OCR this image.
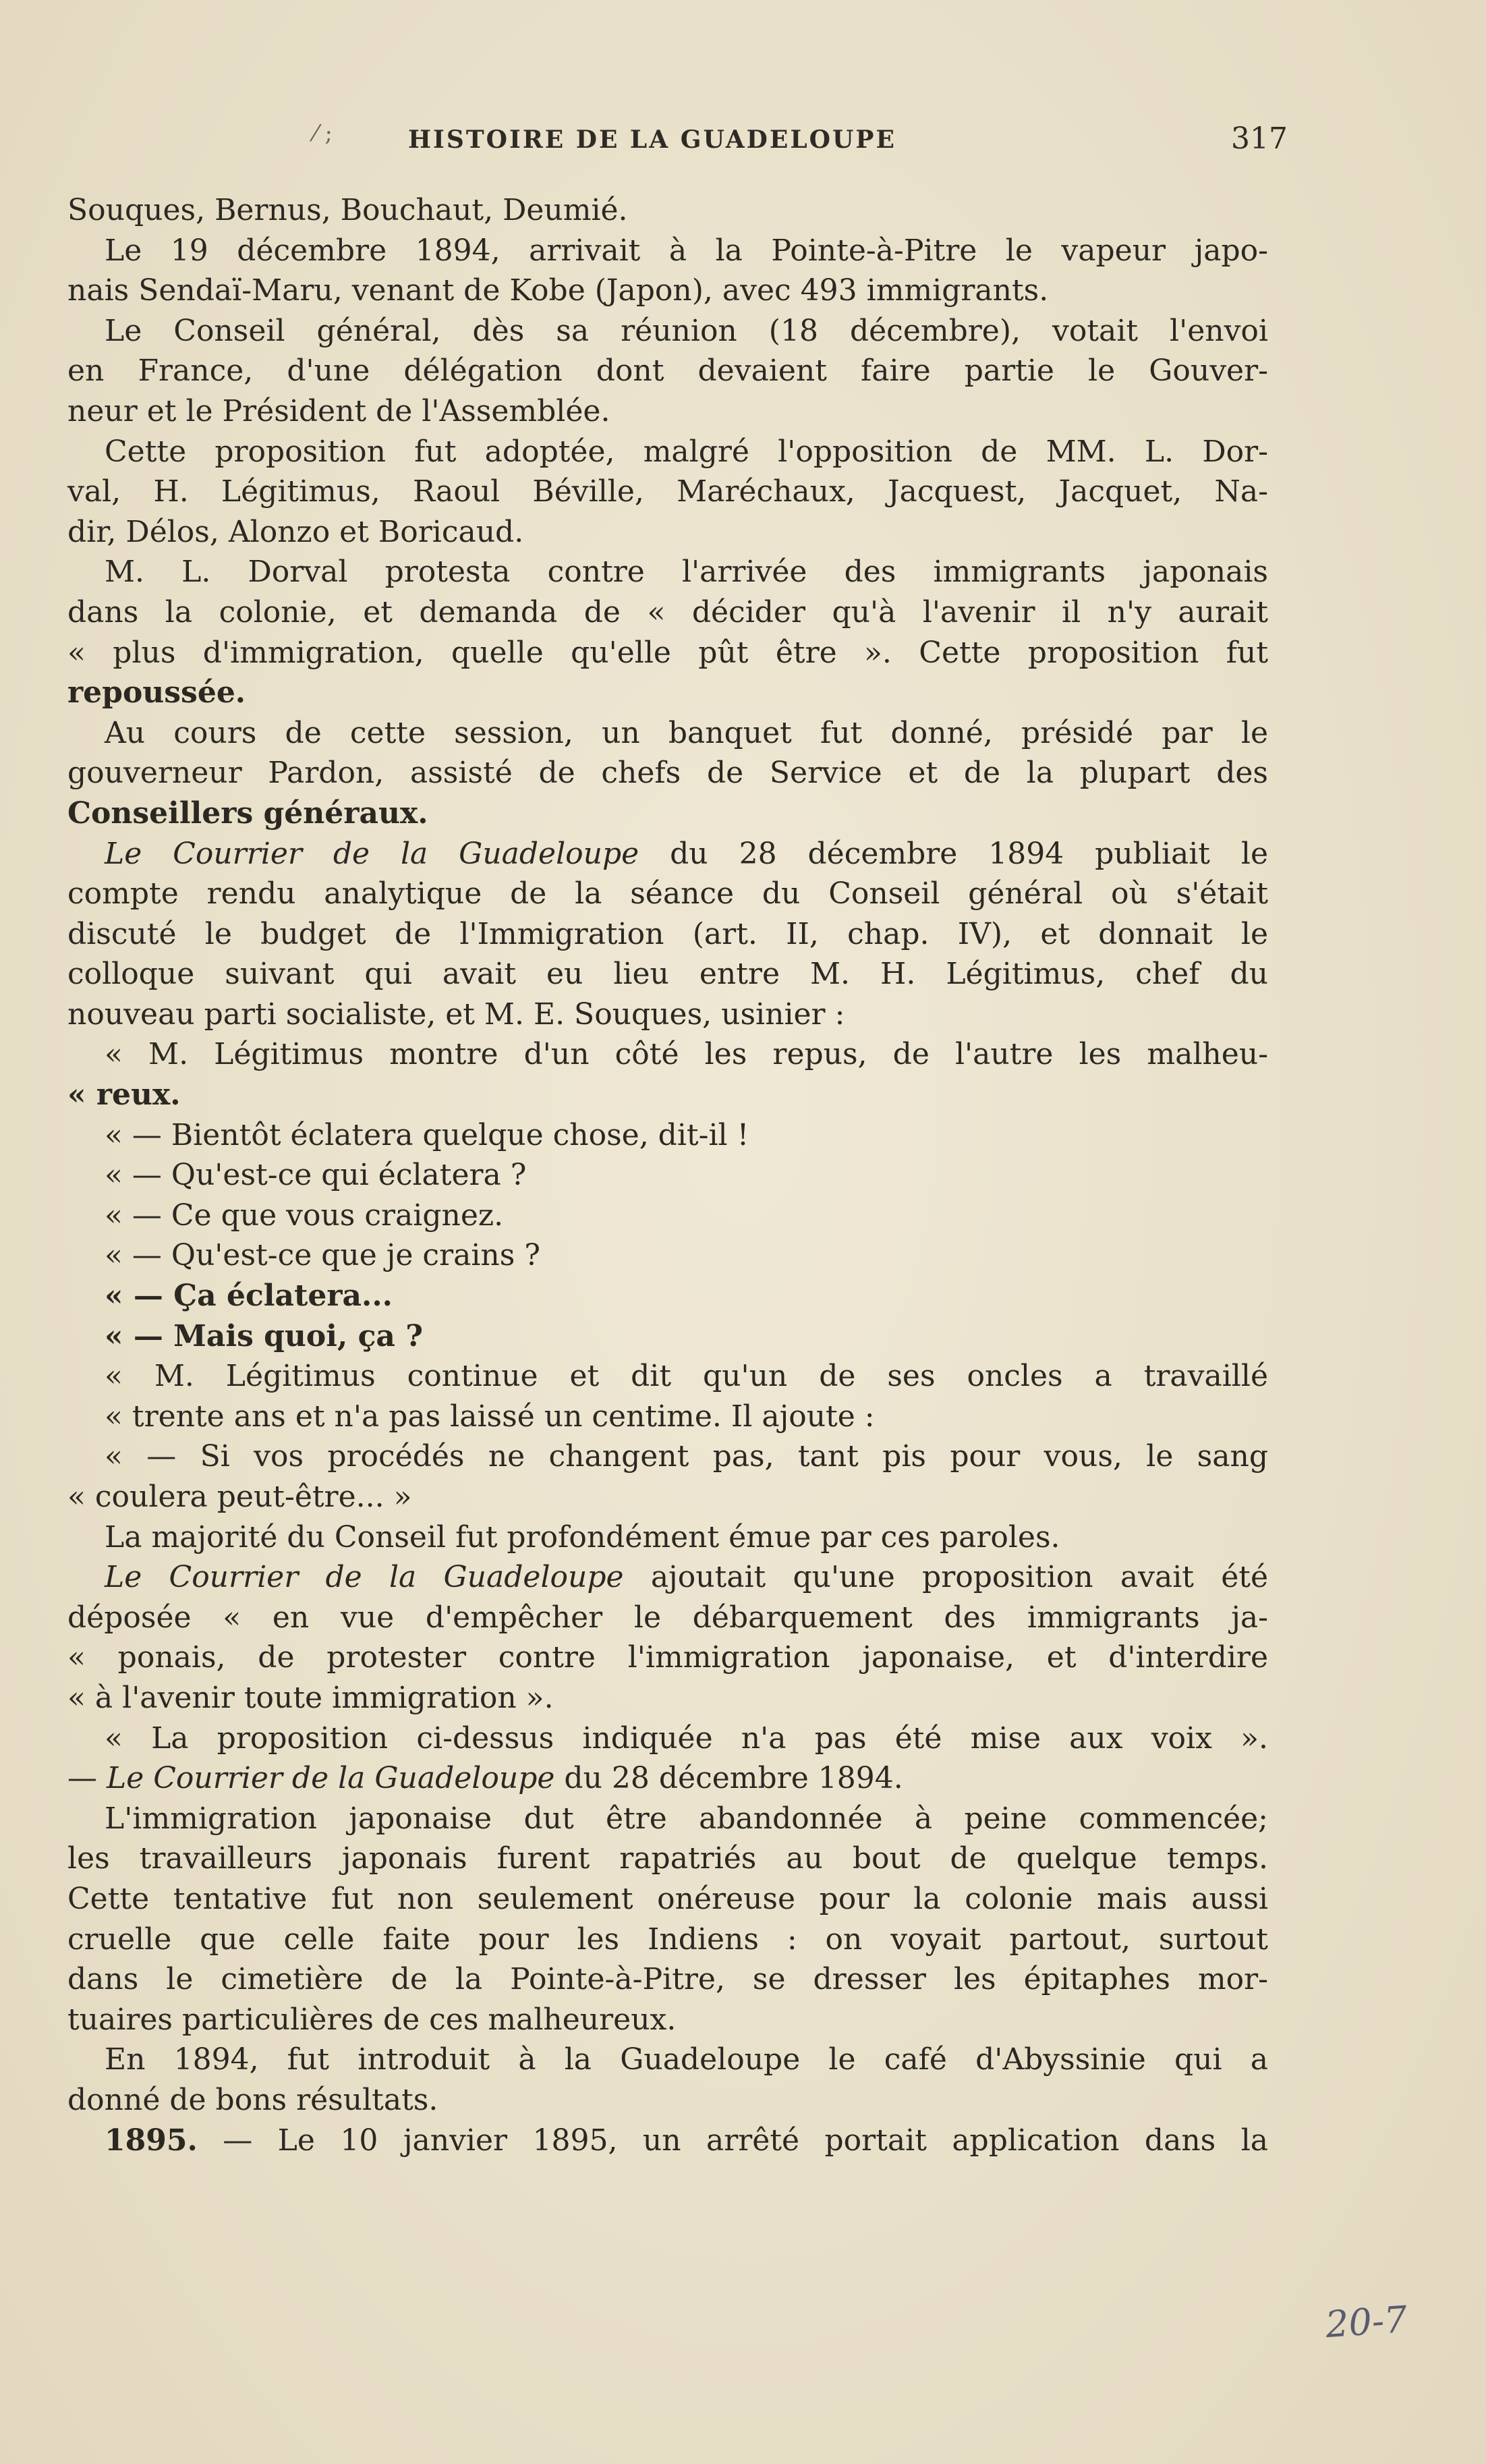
⁄ ;	HISTOIRE DE LA GUADELOUPE	317
Souques, Bernus, Bouchaut, Deumié.
Le 19 décembre 1894, arrivait à la Pointe-à-Pitre le vapeur japo-
nais Sendaï-Maru, venant de Kobe (Japon), avec 493 immigrants.
Le Conseil général, dès sa réunion (18 décembre), votait l'envoi
en France, d'une délégation dont devaient faire partie le Gouver-
neur et le Président de l'Assemblée.
Cette proposition fut adoptée, malgré l'opposition de MM. L. Dor-
val, H. Légitimus, Raoul Béville, Maréchaux, Jacquest, Jacquet, Na-
dir, Délos, Alonzo et Boricaud.
M. L. Dorval protesta contre l'arrivée des immigrants japonais
dans la colonie, et demanda de « décider qu'à l'avenir il n'y aurait
« plus d'immigration, quelle qu'elle pût être ». Cette proposition fut
repoussée.
Au cours de cette session, un banquet fut donné, présidé par le
gouverneur Pardon, assisté de chefs de Service et de la plupart des
Conseillers généraux.
Le Courrier de la Guadeloupe du 28 décembre 1894 publiait le
compte rendu analytique de la séance du Conseil général où s'était
discuté le budget de l'Immigration (art. II, chap. IV), et donnait le
colloque suivant qui avait eu lieu entre M. H. Légitimus, chef du
nouveau parti socialiste, et M. E. Souques, usinier :
« M. Légitimus montre d'un côté les repus, de l'autre les malheu-
« reux.
« — Bientôt éclatera quelque chose, dit-il !
« — Qu'est-ce qui éclatera ?
« — Ce que vous craignez.
« — Qu'est-ce que je crains ?
« — Ça éclatera...
« — Mais quoi, ça ?
« M. Légitimus continue et dit qu'un de ses oncles a travaillé
« trente ans et n'a pas laissé un centime. Il ajoute :
« — Si vos procédés ne changent pas, tant pis pour vous, le sang
« coulera peut-être... »
La majorité du Conseil fut profondément émue par ces paroles.
Le Courrier de la Guadeloupe ajoutait qu'une proposition avait été
déposée « en vue d'empêcher le débarquement des immigrants ja-
« ponais, de protester contre l'immigration japonaise, et d'interdire
« à l'avenir toute immigration ».
« La proposition ci-dessus indiquée n'a pas été mise aux voix ».
— Le Courrier de la Guadeloupe du 28 décembre 1894.
L'immigration japonaise dut être abandonnée à peine commencée;
les travailleurs japonais furent rapatriés au bout de quelque temps.
Cette tentative fut non seulement onéreuse pour la colonie mais aussi
cruelle que celle faite pour les Indiens : on voyait partout, surtout
dans le cimetière de la Pointe-à-Pitre, se dresser les épitaphes mor-
tuaires particulières de ces malheureux.
En 1894, fut introduit à la Guadeloupe le café d'Abyssinie qui a
donné de bons résultats.
1895. — Le 10 janvier 1895, un arrêté portait application dans la
20-7
